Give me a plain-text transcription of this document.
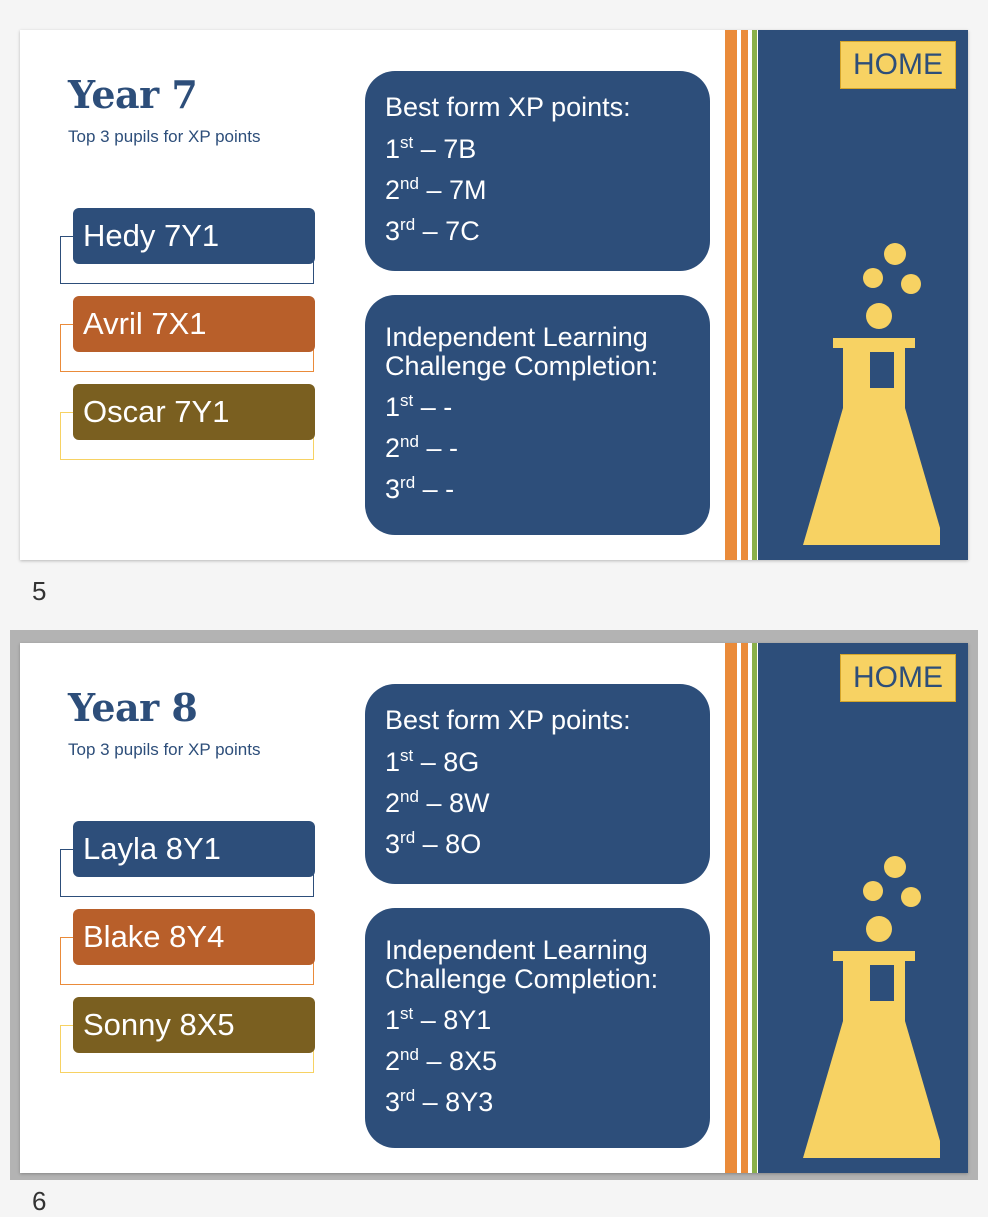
Year 7
Top 3 pupils for XP points
Hedy 7Y1
Avril 7X1
Oscar 7Y1
Best form XP points:
1st – 7B
2nd – 7M
3rd – 7C
Independent Learning
Challenge Completion:
1st – -
2nd – -
3rd – -
HOME
5
Year 8
Top 3 pupils for XP points
Layla 8Y1
Blake 8Y4
Sonny 8X5
Best form XP points:
1st – 8G
2nd – 8W
3rd – 8O
Independent Learning
Challenge Completion:
1st – 8Y1
2nd – 8X5
3rd – 8Y3
HOME
6
